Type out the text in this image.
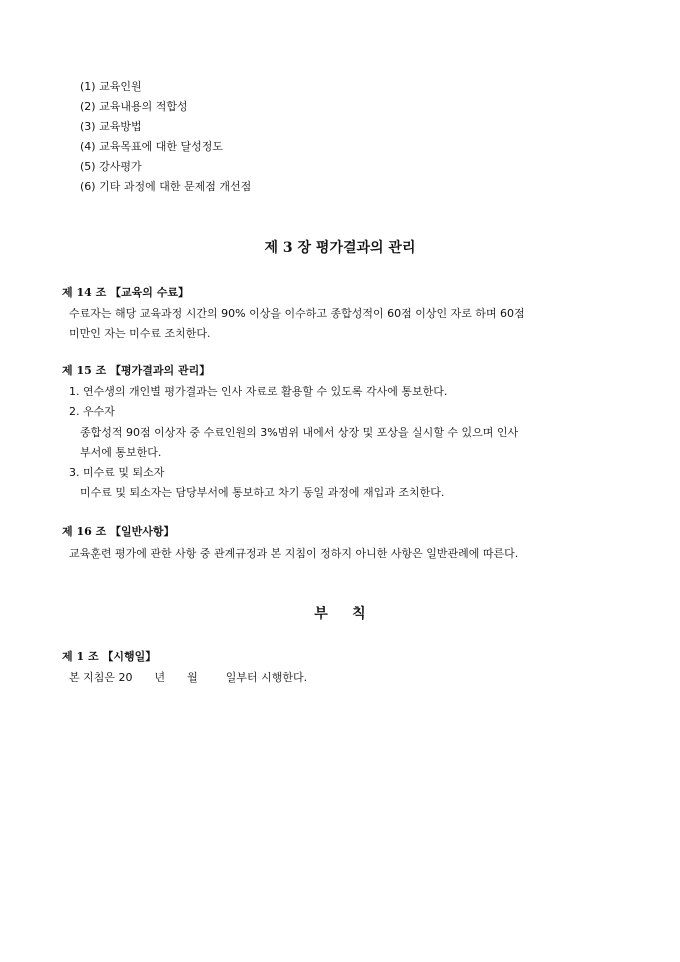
(1) 교육인원

(2) 교육내용의 적합성

(3) 교육방법

(4) 교육목표에 대한 달성정도

(5) 강사평가

(6) 기타 과정에 대한 문제점 개선점

제 3 장 평가결과의 관리

제 14 조 【교육의 수료】

수료자는 해당 교육과정 시간의 90% 이상을 이수하고 종합성적이 60점 이상인 자로 하며 60점

미만인 자는 미수료 조치한다.

제 15 조 【평가결과의 관리】

1. 연수생의 개인별 평가결과는 인사 자료로 활용할 수 있도록 각사에 통보한다.

2. 우수자

종합성적 90점 이상자 중 수료인원의 3%범위 내에서 상장 및 포상을 실시할 수 있으며 인사

부서에 통보한다.

3. 미수료 및 퇴소자

미수료 및 퇴소자는 담당부서에 통보하고 차기 동일 과정에 재입과 조치한다.

제 16 조 【일반사항】

교육훈련 평가에 관한 사항 중 관계규정과 본 지침이 정하지 아니한 사항은 일반관례에 따른다.

부     칙

제 1 조 【시행일】

본 지침은 20 년 월	일부터 시행한다.
